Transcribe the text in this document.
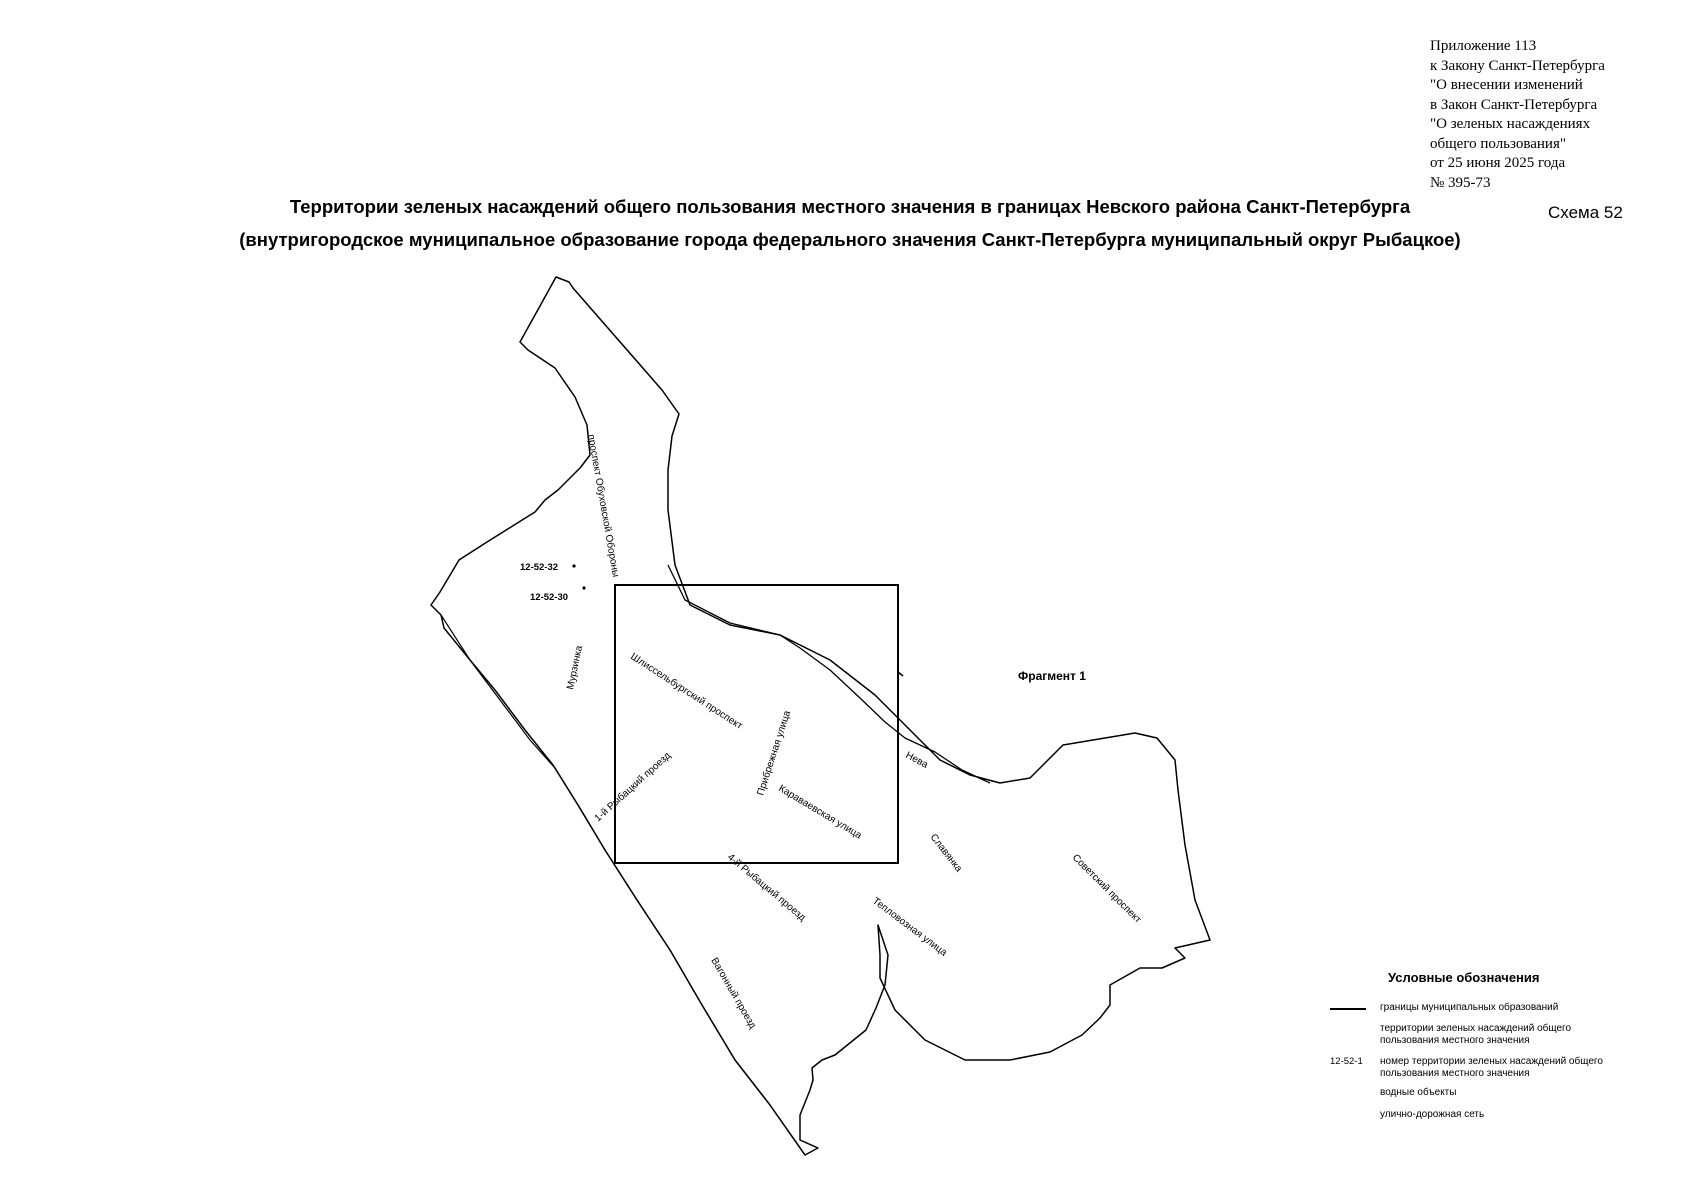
Приложение 113
к Закону Санкт-Петербурга
"О внесении изменений
в Закон Санкт-Петербурга
"О зеленых насаждениях
общего пользования"
от 25 июня 2025 года
№ 395-73
Территории зеленых насаждений общего пользования местного значения в границах Невского района Санкт-Петербурга
(внутригородское муниципальное образование города федерального значения Санкт-Петербурга муниципальный округ Рыбацкое)
Схема 52
12-52-32
12-52-30
Фрагмент 1
проспект Обуховской Обороны
Мурзинка	Шлиссельбургский проспект
Прибрежная улица
1-й Рыбацкий проезд	Караваевская улица
4-й Рыбацкий проезд
Вагонный проезд
Нева
Славянка
Тепловозная улица
Советский проспект
Условные обозначения
границы муниципальных образований
территории зеленых насаждений общего пользования местного значения
12-52-1	номер территории зеленых насаждений общего пользования местного значения
водные объекты
улично-дорожная сеть
